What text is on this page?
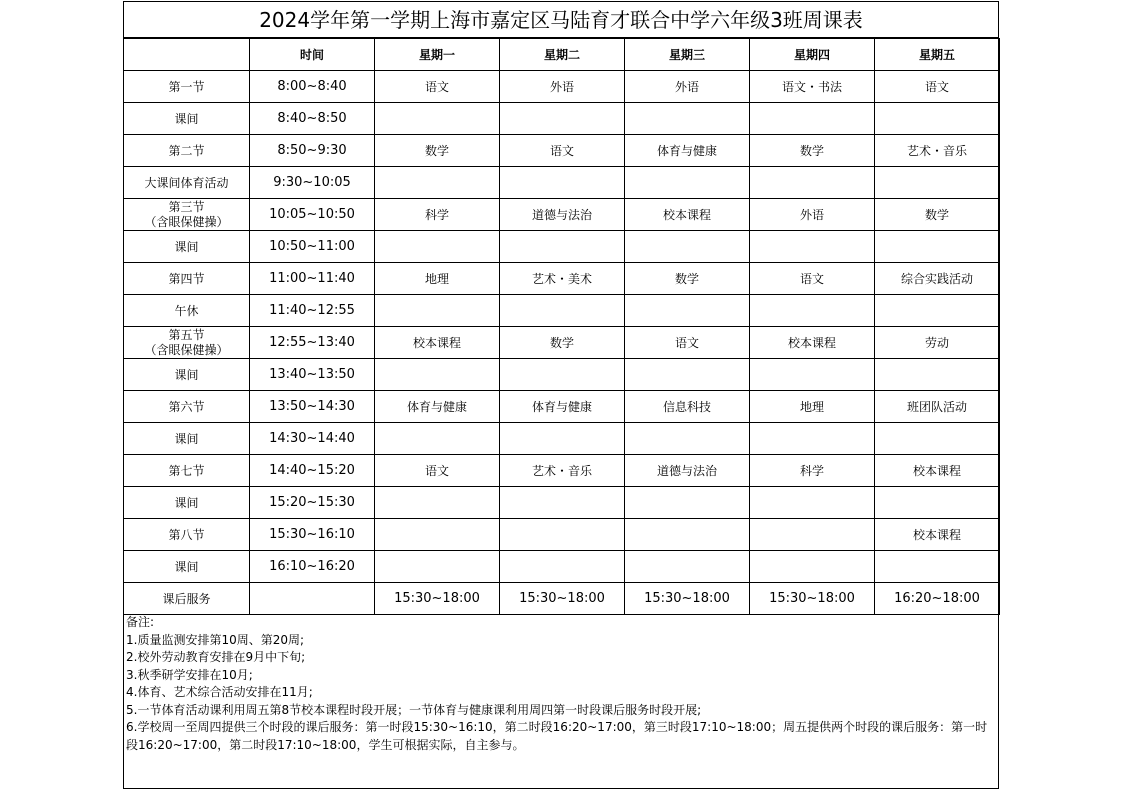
2024学年第一学期上海市嘉定区马陆育才联合中学六年级3班周课表
	时间	星期一	星期二	星期三	星期四	星期五
第一节	8:00~8:40	语文	外语	外语	语文・书法	语文
课间	8:40~8:50					
第二节	8:50~9:30	数学	语文	体育与健康	数学	艺术・音乐
大课间体育活动	9:30~10:05					

第三节
（含眼保健操）	10:05~10:50	科学	道德与法治	校本课程	外语	数学
课间	10:50~11:00					
第四节	11:00~11:40	地理	艺术・美术	数学	语文	综合实践活动
午休	11:40~12:55					

第五节
（含眼保健操）	12:55~13:40	校本课程	数学	语文	校本课程	劳动
课间	13:40~13:50					
第六节	13:50~14:30	体育与健康	体育与健康	信息科技	地理	班团队活动
课间	14:30~14:40					
第七节	14:40~15:20	语文	艺术・音乐	道德与法治	科学	校本课程
课间	15:20~15:30					
第八节	15:30~16:10					校本课程
课间	16:10~16:20					
课后服务		15:30~18:00	15:30~18:00	15:30~18:00	15:30~18:00	16:20~18:00
备注:
1.质量监测安排第10周、第20周;
2.校外劳动教育安排在9月中下旬;
3.秋季研学安排在10月;
4.体育、艺术综合活动安排在11月;
5.一节体育活动课利用周五第8节校本课程时段开展；一节体育与健康课利用周四第一时段课后服务时段开展;
6.学校周一至周四提供三个时段的课后服务：第一时段15:30~16:10，第二时段16:20~17:00，第三时段17:10~18:00；周五提供两个时段的课后服务：第一时段16:20~17:00，第二时段17:10~18:00，学生可根据实际，自主参与。
